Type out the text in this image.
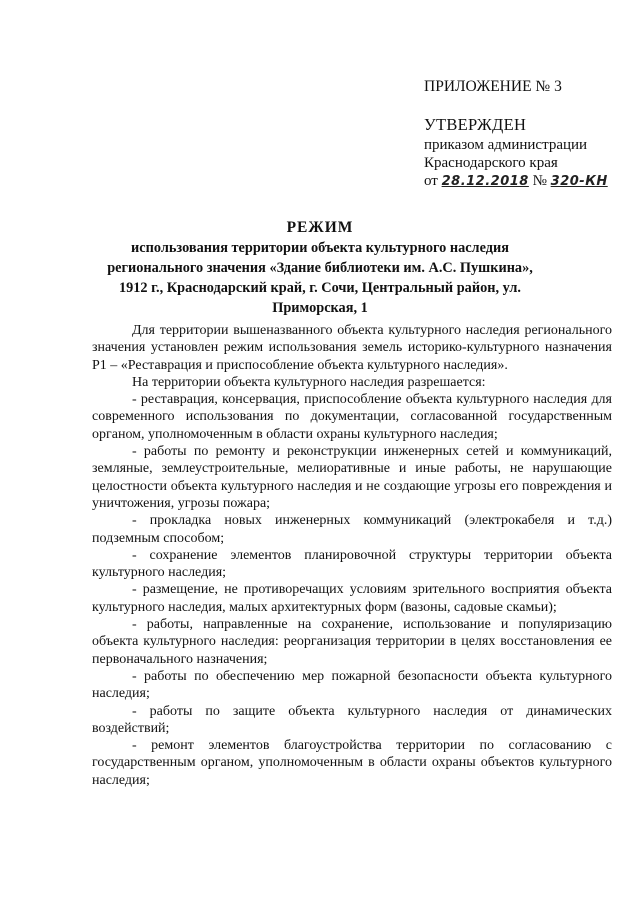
ПРИЛОЖЕНИЕ № 3
УТВЕРЖДЕН
приказом администрации
Краснодарского края
от 28.12.2018 № 320-КН
РЕЖИМ
использования территории объекта культурного наследия регионального значения «Здание библиотеки им. А.С. Пушкина», 1912 г., Краснодарский край, г. Сочи, Центральный район, ул. Приморская, 1

Для территории вышеназванного объекта культурного наследия регионального значения установлен режим использования земель историко-культурного назначения Р1 – «Реставрация и приспособление объекта культурного наследия».

На территории объекта культурного наследия разрешается:

- реставрация, консервация, приспособление объекта культурного наследия для современного использования по документации, согласованной государственным органом, уполномоченным в области охраны культурного наследия;

- работы по ремонту и реконструкции инженерных сетей и коммуникаций, земляные, землеустроительные, мелиоративные и иные работы, не нарушающие целостности объекта культурного наследия и не создающие угрозы его повреждения и уничтожения, угрозы пожара;

- прокладка новых инженерных коммуникаций (электрокабеля и т.д.) подземным способом;

- сохранение элементов планировочной структуры территории объекта культурного наследия;

- размещение, не противоречащих условиям зрительного восприятия объекта культурного наследия, малых архитектурных форм (вазоны, садовые скамьи);

- работы, направленные на сохранение, использование и популяризацию объекта культурного наследия: реорганизация территории в целях восстановления ее первоначального назначения;

- работы по обеспечению мер пожарной безопасности объекта культурного наследия;

- работы по защите объекта культурного наследия от динамических воздействий;

- ремонт элементов благоустройства территории по согласованию с государственным органом, уполномоченным в области охраны объектов культурного наследия;
